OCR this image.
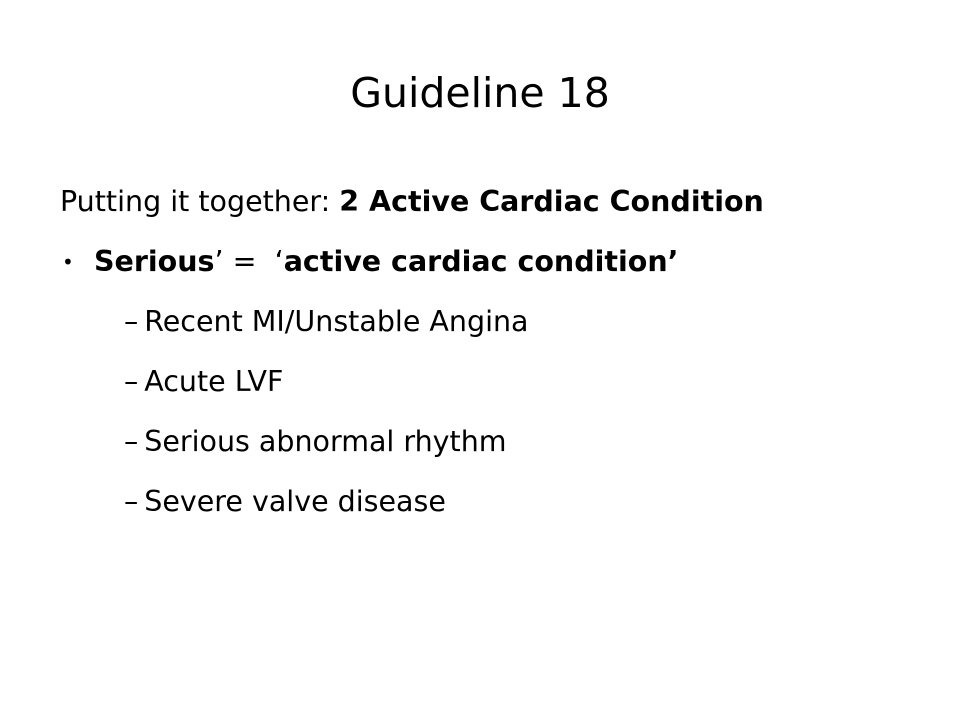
Guideline 18
Putting it together: 2 Active Cardiac Condition
• Serious’ =  ‘active cardiac condition’
– Recent MI/Unstable Angina
– Acute LVF
– Serious abnormal rhythm
– Severe valve disease
